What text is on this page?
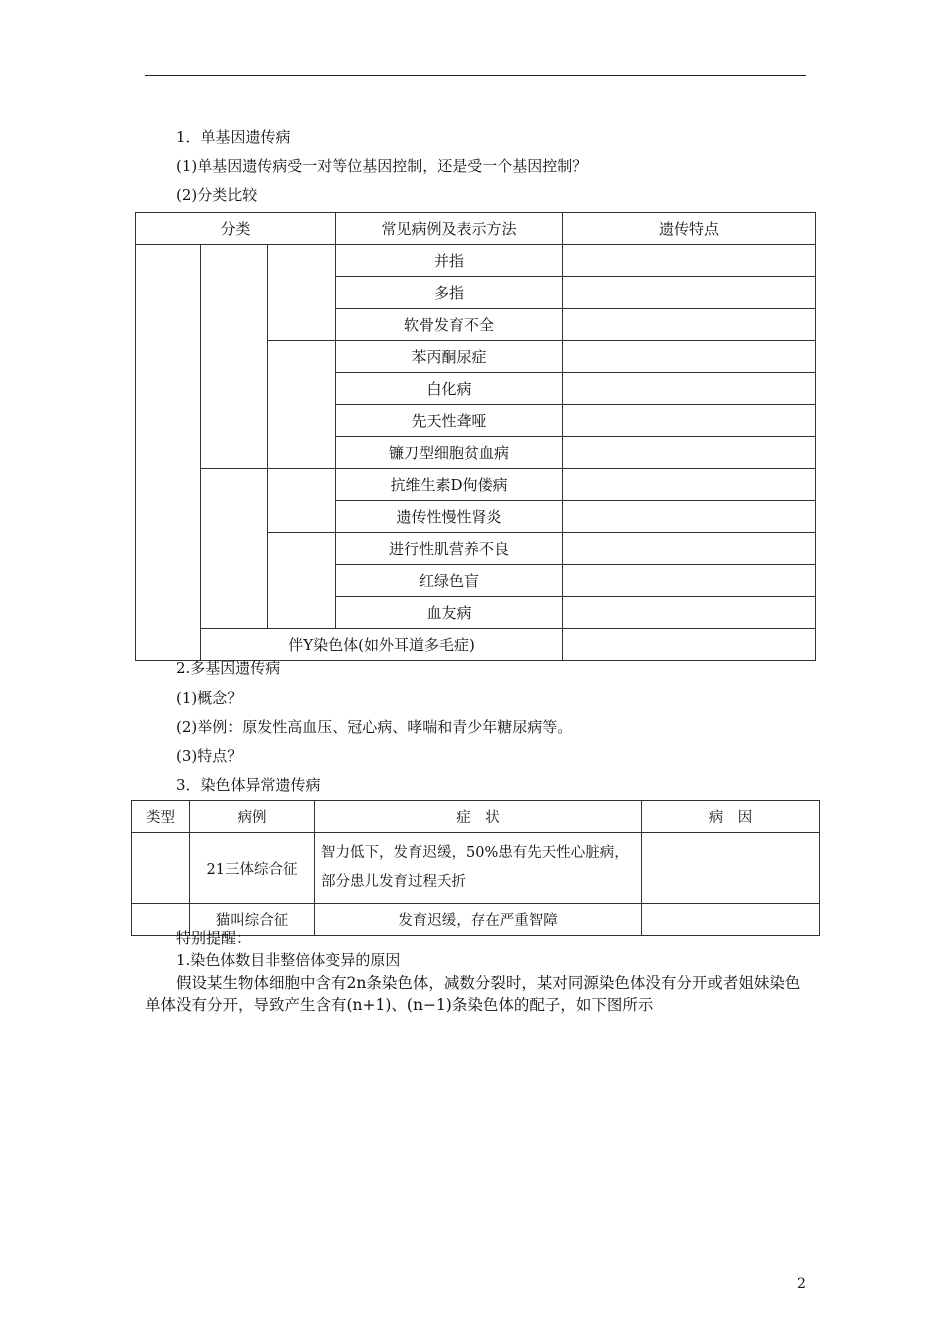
1．单基因遗传病
(1)单基因遗传病受一对等位基因控制，还是受一个基因控制？
(2)分类比较
分类			常见病例及表示方法	遗传特点
			并指	
			多指	
			软骨发育不全	
			苯丙酮尿症	
			白化病	
			先天性聋哑	
			镰刀型细胞贫血病	
			抗维生素D佝偻病	
			遗传性慢性肾炎	
			进行性肌营养不良	
			红绿色盲	
			血友病	
	伴Y染色体(如外耳道多毛症)			
2.多基因遗传病
(1)概念？
(2)举例：原发性高血压、冠心病、哮喘和青少年糖尿病等。
(3)特点？
3．染色体异常遗传病
类型	病例	症　状	病　因
	21三体综合征	智力低下，发育迟缓，50%患有先天性心脏病，部分患儿发育过程夭折	
	猫叫综合征	发育迟缓，存在严重智障	
特别提醒：
1.染色体数目非整倍体变异的原因
假设某生物体细胞中含有2n条染色体，减数分裂时，某对同源染色体没有分开或者姐妹染色单体没有分开，导致产生含有(n+1)、(n−1)条染色体的配子，如下图所示
2
